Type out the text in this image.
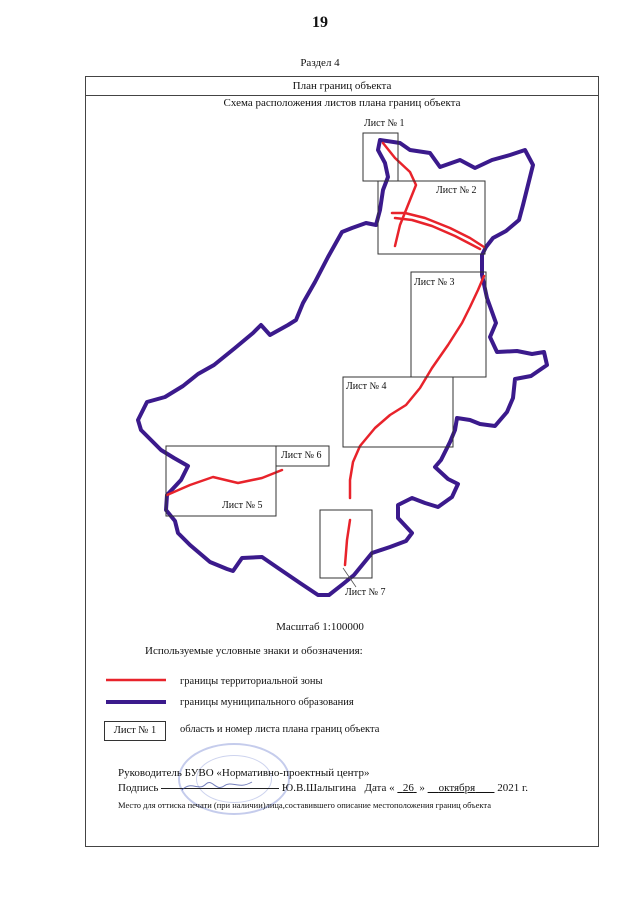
19
Раздел 4
План границ объекта
Схема расположения листов плана границ объекта
Лист № 1
Лист № 2
Лист № 3
Лист № 4
Лист № 5
Лист № 6
Лист № 7
Масштаб 1:100000
Используемые условные знаки и обозначения:
границы территориальной зоны
границы муниципального образования
Лист № 1	область и номер листа плана границ объекта
Руководитель БУВО «Нормативно-проектный центр»
Подпись	Ю.В.Шалыгина Дата « 26 » октября 2021 г.
Место для оттиска печати (при наличии)лица,составившего описание местоположения границ объекта
